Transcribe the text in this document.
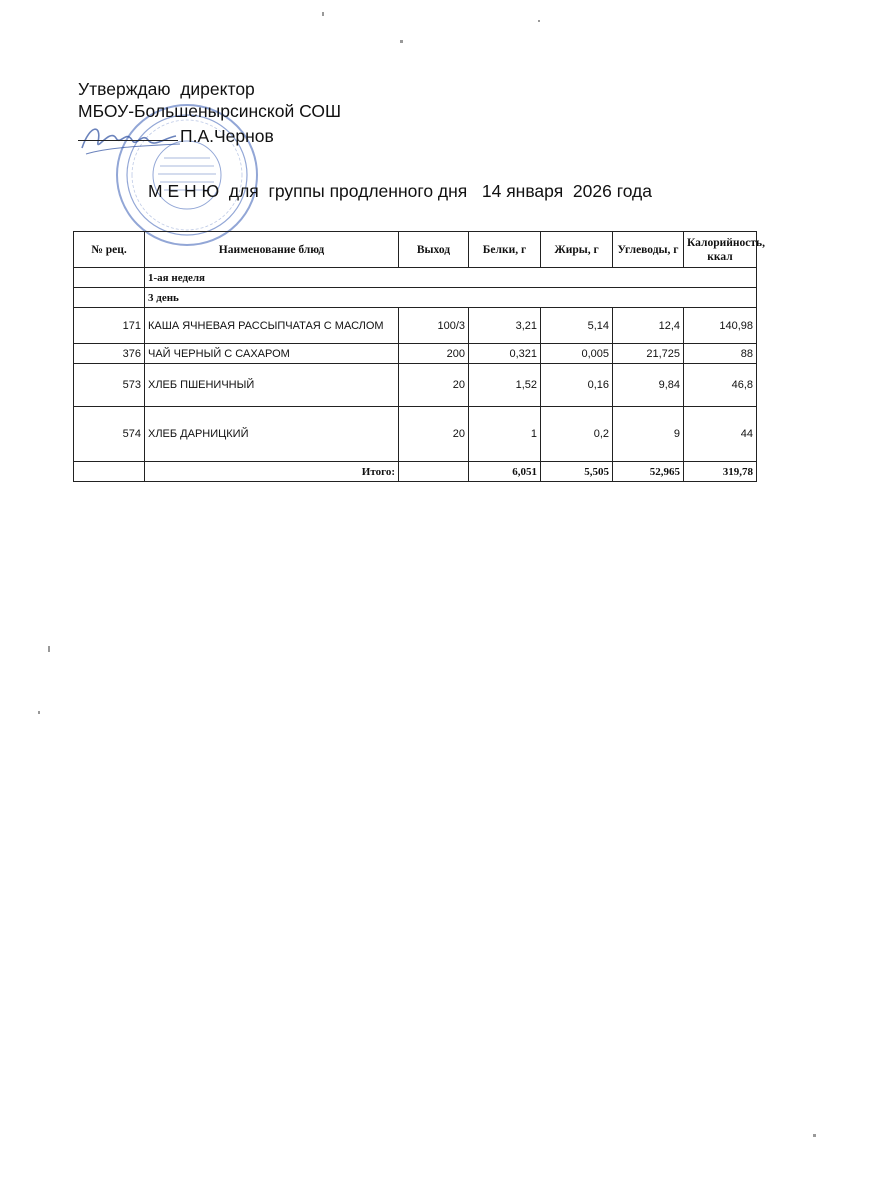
Утверждаю  директор
МБОУ-Большеныpсинской СОШ
П.А.Чернов
М Е Н Ю  для  группы продленного дня   14 января  2026 года
№ рец.	Наименование блюд	Выход	Белки, г	Жиры, г	Углеводы, г	Калорийность, ккал
	1-ая неделя					
	3 день					
171	КАША ЯЧНЕВАЯ РАССЫПЧАТАЯ С МАСЛОМ	100/3	3,21	5,14	12,4	140,98
376	ЧАЙ ЧЕРНЫЙ С САХАРОМ	200	0,321	0,005	21,725	88
573	ХЛЕБ ПШЕНИЧНЫЙ	20	1,52	0,16	9,84	46,8
574	ХЛЕБ ДАРНИЦКИЙ	20	1	0,2	9	44
	Итого:		6,051	5,505	52,965	319,78
